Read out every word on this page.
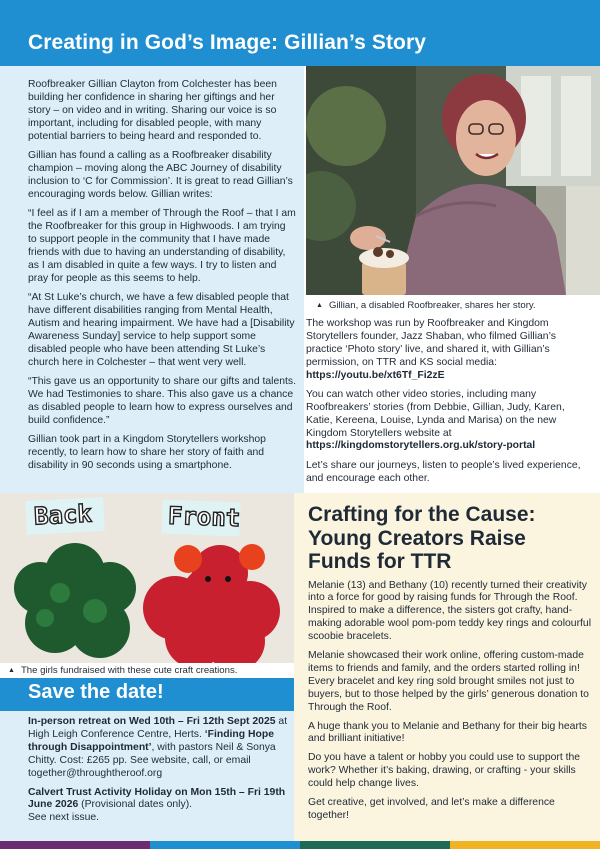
Creating in God’s Image: Gillian’s Story

Roofbreaker Gillian Clayton from Colchester has been building her confidence in sharing her giftings and her story – on video and in writing. Sharing our voice is so important, including for disabled people, with many potential barriers to being heard and responded to.

Gillian has found a calling as a Roofbreaker disability champion – moving along the ABC Journey of disability inclusion to ‘C for Commission’. It is great to read Gillian’s encouraging words below. Gillian writes:

“I feel as if I am a member of Through the Roof – that I am the Roofbreaker for this group in Highwoods. I am trying to support people in the community that I have made friends with due to having an understanding of disability, as I am disabled in quite a few ways. I try to listen and pray for people as this seems to help.

“At St Luke’s church, we have a few disabled people that have different disabilities ranging from Mental Health, Autism and hearing impairment. We have had a [Disability Awareness Sunday] service to help support some disabled people who have been attending St Luke’s church here in Colchester – that went very well.

“This gave us an opportunity to share our gifts and talents. We had Testimonies to share. This also gave us a chance as disabled people to learn how to express ourselves and build confidence.”

Gillian took part in a Kingdom Storytellers workshop recently, to learn how to share her story of faith and disability in 90 seconds using a smartphone.

▲ Gillian, a disabled Roofbreaker, shares her story.

The workshop was run by Roofbreaker and Kingdom Storytellers founder, Jazz Shaban, who filmed Gillian’s practice ‘Photo story’ live, and shared it, with Gillian’s permission, on TTR and KS social media:
https://youtu.be/xt6Tf_Fi2zE

You can watch other video stories, including many Roofbreakers’ stories (from Debbie, Gillian, Judy, Karen, Katie, Kereena, Louise, Lynda and Marisa) on the new Kingdom Storytellers website at
https://kingdomstorytellers.org.uk/story-portal

Let’s share our journeys, listen to people’s lived experience, and encourage each other.

Back	Front
▲ The girls fundraised with these cute craft creations.
Save the date!

In-person retreat on Wed 10th – Fri 12th Sept 2025 at High Leigh Conference Centre, Herts. ‘Finding Hope through Disappointment’, with pastors Neil & Sonya Chitty. Cost: £265 pp. See website, call, or email together@throughtheroof.org

Calvert Trust Activity Holiday on Mon 15th – Fri 19th June 2026 (Provisional dates only).
See next issue.

Crafting for the Cause: Young Creators Raise Funds for TTR

Melanie (13) and Bethany (10) recently turned their creativity into a force for good by raising funds for Through the Roof. Inspired to make a difference, the sisters got crafty, hand-making adorable wool pom-pom teddy key rings and colourful scoobie bracelets.

Melanie showcased their work online, offering custom-made items to friends and family, and the orders started rolling in! Every bracelet and key ring sold brought smiles not just to buyers, but to those helped by the girls’ generous donation to Through the Roof.

A huge thank you to Melanie and Bethany for their big hearts and brilliant initiative!

Do you have a talent or hobby you could use to support the work? Whether it’s baking, drawing, or crafting - your skills could help change lives.

Get creative, get involved, and let’s make a difference together!
